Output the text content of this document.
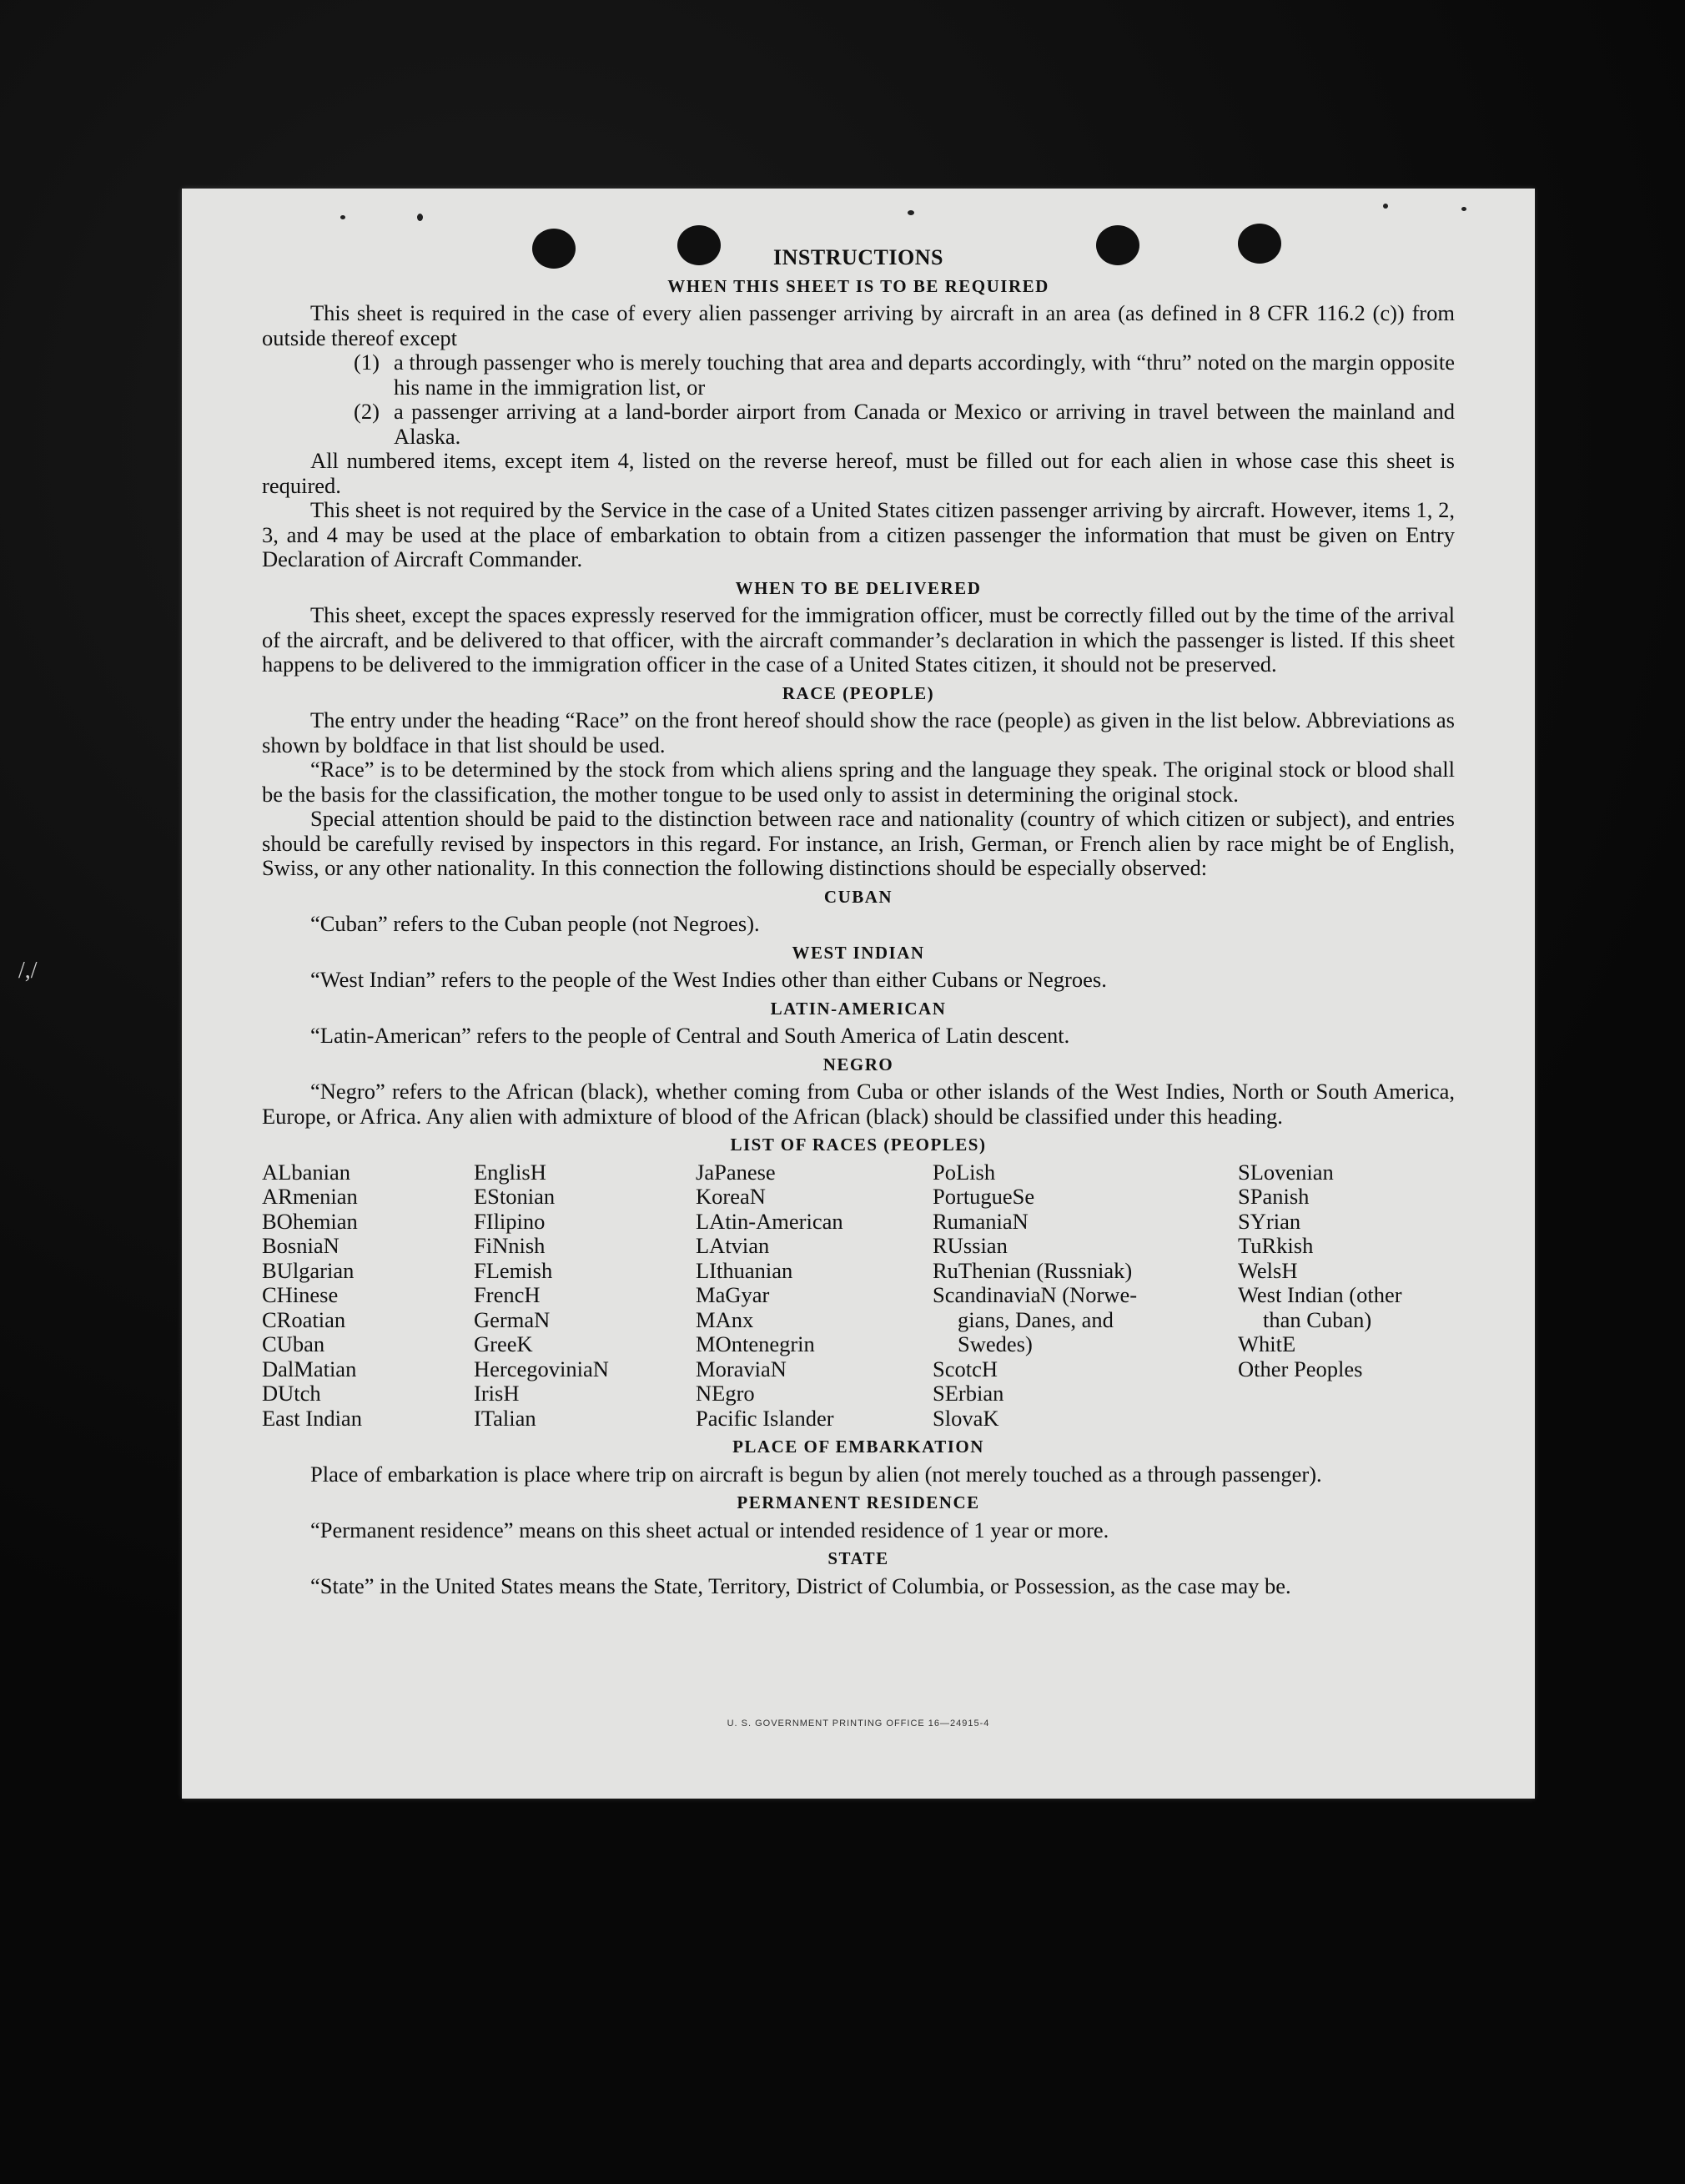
/,/
INSTRUCTIONS
WHEN THIS SHEET IS TO BE REQUIRED

This sheet is required in the case of every alien passenger arriving by aircraft in an area (as defined in 8 CFR 116.2 (c)) from outside thereof except

(1) a through passenger who is merely touching that area and departs accordingly, with “thru” noted on the margin opposite his name in the immigration list, or
(2) a passenger arriving at a land-border airport from Canada or Mexico or arriving in travel between the mainland and Alaska.

All numbered items, except item 4, listed on the reverse hereof, must be filled out for each alien in whose case this sheet is required.

This sheet is not required by the Service in the case of a United States citizen passenger arriving by aircraft. However, items 1, 2, 3, and 4 may be used at the place of embarkation to obtain from a citizen passenger the information that must be given on Entry Declaration of Aircraft Commander.

WHEN TO BE DELIVERED

This sheet, except the spaces expressly reserved for the immigration officer, must be correctly filled out by the time of the arrival of the aircraft, and be delivered to that officer, with the aircraft commander’s declaration in which the passenger is listed. If this sheet happens to be delivered to the immigration officer in the case of a United States citizen, it should not be preserved.

RACE (PEOPLE)

The entry under the heading “Race” on the front hereof should show the race (people) as given in the list below. Abbreviations as shown by boldface in that list should be used.

“Race” is to be determined by the stock from which aliens spring and the language they speak. The original stock or blood shall be the basis for the classification, the mother tongue to be used only to assist in determining the original stock.

Special attention should be paid to the distinction between race and nationality (country of which citizen or subject), and entries should be carefully revised by inspectors in this regard. For instance, an Irish, German, or French alien by race might be of English, Swiss, or any other nationality. In this connection the following distinctions should be especially observed:

CUBAN

“Cuban” refers to the Cuban people (not Negroes).

WEST INDIAN

“West Indian” refers to the people of the West Indies other than either Cubans or Negroes.

LATIN-AMERICAN

“Latin-American” refers to the people of Central and South America of Latin descent.

NEGRO

“Negro” refers to the African (black), whether coming from Cuba or other islands of the West Indies, North or South America, Europe, or Africa. Any alien with admixture of blood of the African (black) should be classified under this heading.

LIST OF RACES (PEOPLES)
ALbanian
ARmenian
BOhemian
BosniaN
BUlgarian
CHinese
CRoatian
CUban
DalMatian
DUtch
East Indian
EnglisH
EStonian
FIlipino
FiNnish
FLemish
FrencH
GermaN
GreeK
HercegoviniaN
IrisH
ITalian
JaPanese
KoreaN
LAtin-American
LAtvian
LIthuanian
MaGyar
MAnx
MOntenegrin
MoraviaN
NEgro
Pacific Islander
PoLish
PortugueSe
RumaniaN
RUssian
RuThenian (Russniak)
ScandinaviaN (Norwe-
gians, Danes, and
Swedes)
ScotcH
SErbian
SlovaK
SLovenian
SPanish
SYrian
TuRkish
WelsH
West Indian (other
than Cuban)
WhitE
Other Peoples
PLACE OF EMBARKATION

Place of embarkation is place where trip on aircraft is begun by alien (not merely touched as a through passenger).

PERMANENT RESIDENCE

“Permanent residence” means on this sheet actual or intended residence of 1 year or more.

STATE

“State” in the United States means the State, Territory, District of Columbia, or Possession, as the case may be.

U. S. GOVERNMENT PRINTING OFFICE 16—24915-4
